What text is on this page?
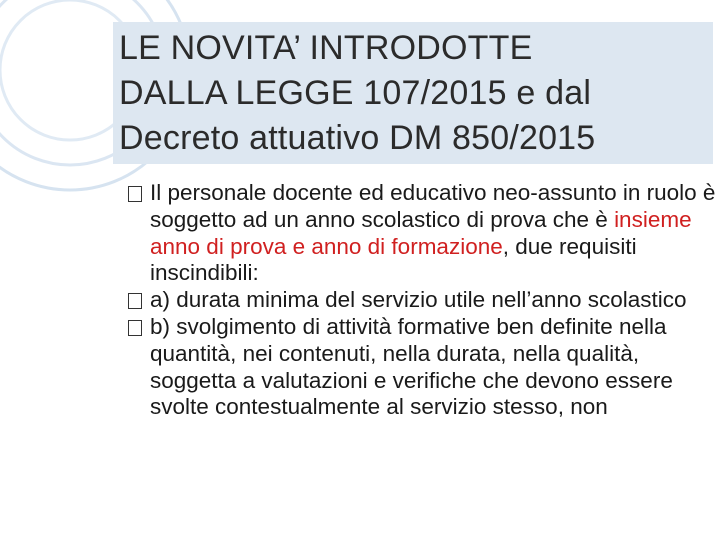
LE NOVITA’ INTRODOTTE
DALLA LEGGE 107/2015 e dal
Decreto attuativo DM 850/2015

Il personale docente ed educativo neo-assunto in ruolo è soggetto ad un anno scolastico di prova che è insieme anno di prova e anno di formazione, due requisiti inscindibili:

a) durata minima del servizio utile nell’anno scolastico

b) svolgimento di attività formative ben definite nella quantità, nei contenuti, nella durata, nella qualità, soggetta a valutazioni e verifiche che devono essere svolte contestualmente al servizio stesso, non
